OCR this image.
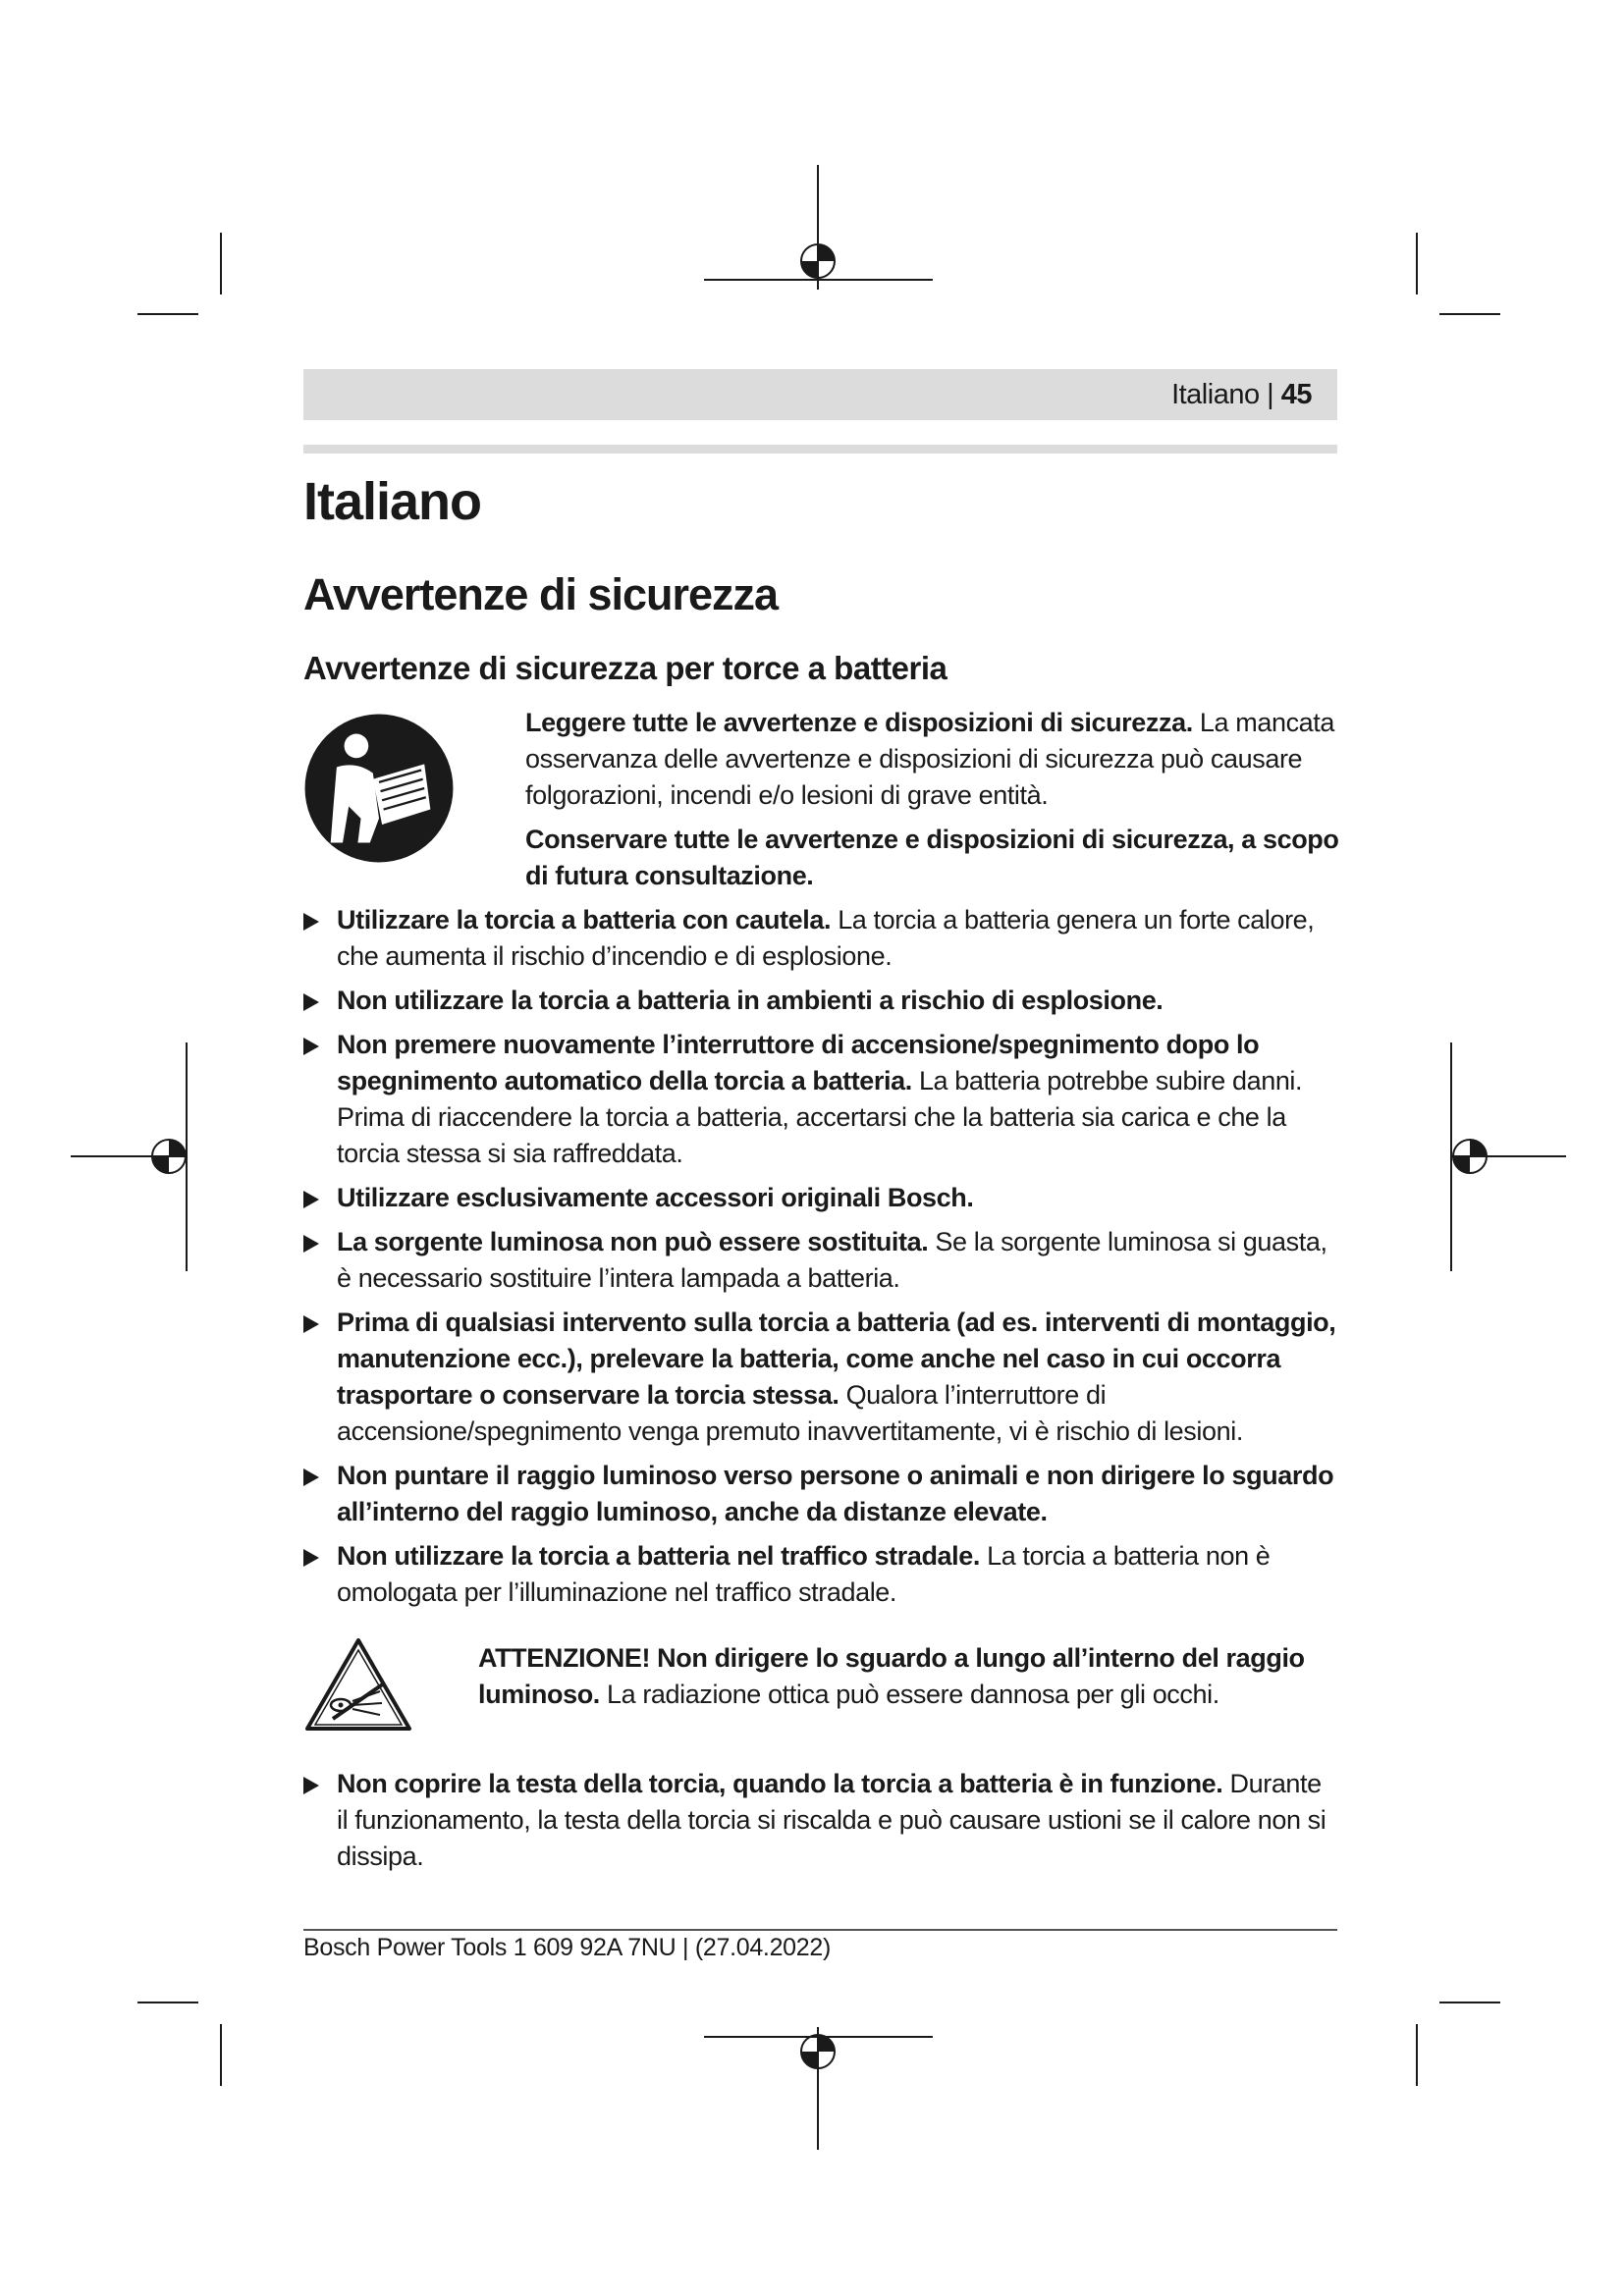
Italiano | 45
Italiano
Avvertenze di sicurezza
Avvertenze di sicurezza per torce a batteria

Leggere tutte le avvertenze e disposizioni di sicurezza. La mancata osservanza delle avvertenze e disposizioni di sicurezza può causare folgorazioni, incendi e/o lesioni di grave entità.

Conservare tutte le avvertenze e disposizioni di sicurezza, a scopo di futura consultazione.

Utilizzare la torcia a batteria con cautela. La torcia a batteria genera un forte calore, che aumenta il rischio d’incendio e di esplosione.
Non utilizzare la torcia a batteria in ambienti a rischio di esplosione.
Non premere nuovamente l’interruttore di accensione/spegnimento dopo lo spegnimento automatico della torcia a batteria. La batteria potrebbe subire danni. Prima di riaccendere la torcia a batteria, accertarsi che la batteria sia carica e che la torcia stessa si sia raffreddata.
Utilizzare esclusivamente accessori originali Bosch.
La sorgente luminosa non può essere sostituita. Se la sorgente luminosa si guasta, è necessario sostituire l’intera lampada a batteria.
Prima di qualsiasi intervento sulla torcia a batteria (ad es. interventi di montaggio, manutenzione ecc.), prelevare la batteria, come anche nel caso in cui occorra trasportare o conservare la torcia stessa. Qualora l’interruttore di accensione/spegnimento venga premuto inavvertitamente, vi è rischio di lesioni.
Non puntare il raggio luminoso verso persone o animali e non dirigere lo sguardo all’interno del raggio luminoso, anche da distanze elevate.
Non utilizzare la torcia a batteria nel traffico stradale. La torcia a batteria non è omologata per l’illuminazione nel traffico stradale.
ATTENZIONE! Non dirigere lo sguardo a lungo all’interno del raggio luminoso. La radiazione ottica può essere dannosa per gli occhi.
Non coprire la testa della torcia, quando la torcia a batteria è in funzione. Durante il funzionamento, la testa della torcia si riscalda e può causare ustioni se il calore non si dissipa.
Bosch Power Tools 1 609 92A 7NU | (27.04.2022)
